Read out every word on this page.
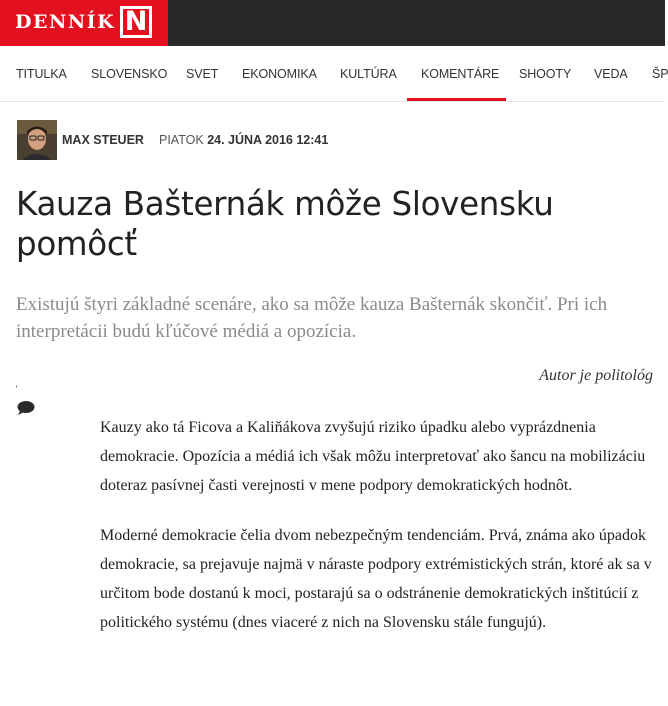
DENNÍK N
TITULKA SLOVENSKO SVET EKONOMIKA KULTÚRA KOMENTÁRE SHOOTY VEDA ŠP
MAX STEUER PIATOK 24. JÚNA 2016 12:41
Kauza Bašternák môže Slovensku pomôcť

Existujú štyri základné scenáre, ako sa môže kauza Bašternák skončiť. Pri ich interpretácii budú kľúčové médiá a opozícia.

Autor je politológ

Kauzy ako tá Ficova a Kaliňákova zvyšujú riziko úpadku alebo vyprázdnenia demokracie. Opozícia a médiá ich však môžu interpretovať ako šancu na mobilizáciu doteraz pasívnej časti verejnosti v mene podpory demokratických hodnôt.

Moderné demokracie čelia dvom nebezpečným tendenciám. Prvá, známa ako úpadok demokracie, sa prejavuje najmä v náraste podpory extrémistických strán, ktoré ak sa v určitom bode dostanú k moci, postarajú sa o odstránenie demokratických inštitúcií z politického systému (dnes viaceré z nich na Slovensku stále fungujú).
